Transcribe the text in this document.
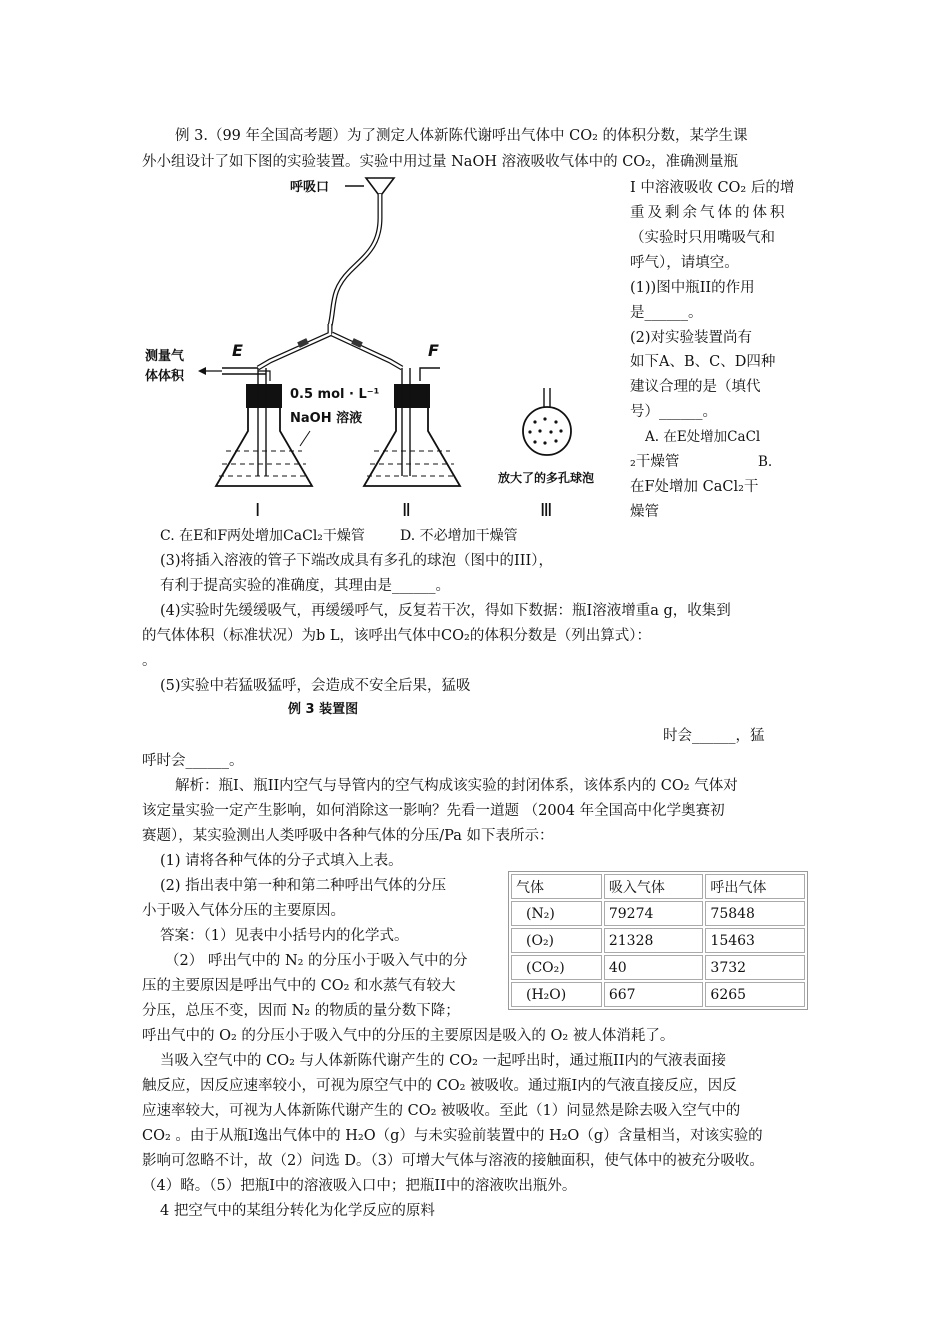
例 3.（99 年全国高考题）为了测定人体新陈代谢呼出气体中 CO₂ 的体积分数，某学生课
外小组设计了如下图的实验装置。实验中用过量 NaOH 溶液吸收气体中的 CO₂，准确测量瓶
呼吸口
测量气
体体积
E	F
0.5 mol · L⁻¹
NaOH 溶液
放大了的多孔球泡
Ⅰ	Ⅱ	Ⅲ
I 中溶液吸收 CO₂ 后的增
重及剩余气体的体积
（实验时只用嘴吸气和
呼气），请填空。
(1))图中瓶II的作用
是______。
(2)对实验装置尚有
如下A、B、C、D四种
建议合理的是（填代
号）______。
A. 在E处增加CaCl
₂干燥管	B.
在F处增加 CaCl₂干
燥管
C. 在E和F两处增加CaCl₂干燥管	D. 不必增加干燥管
(3)将插入溶液的管子下端改成具有多孔的球泡（图中的III），
有利于提高实验的准确度，其理由是______。
(4)实验时先缓缓吸气，再缓缓呼气，反复若干次，得如下数据：瓶I溶液增重a g，收集到
的气体体积（标准状况）为b L，该呼出气体中CO₂的体积分数是（列出算式）：
。
(5)实验中若猛吸猛呼，会造成不安全后果，猛吸
例 3 装置图
时会______，猛
呼时会______。
解析：瓶I、瓶II内空气与导管内的空气构成该实验的封闭体系，该体系内的 CO₂ 气体对
该定量实验一定产生影响，如何消除这一影响？先看一道题 （2004 年全国高中化学奥赛初
赛题），某实验测出人类呼吸中各种气体的分压/Pa 如下表所示：
(1) 请将各种气体的分子式填入上表。
(2) 指出表中第一种和第二种呼出气体的分压
小于吸入气体分压的主要原因。
答案：（1）见表中小括号内的化学式。
（2） 呼出气中的 N₂ 的分压小于吸入气中的分
压的主要原因是呼出气中的 CO₂ 和水蒸气有较大
分压，总压不变，因而 N₂ 的物质的量分数下降；
呼出气中的 O₂ 的分压小于吸入气中的分压的主要原因是吸入的 O₂ 被人体消耗了。
气体	吸入气体	呼出气体
(N₂)	79274	75848
(O₂)	21328	15463
(CO₂)	40	3732
(H₂O)	667	6265
当吸入空气中的 CO₂ 与人体新陈代谢产生的 CO₂ 一起呼出时，通过瓶II内的气液表面接
触反应，因反应速率较小，可视为原空气中的 CO₂ 被吸收。通过瓶I内的气液直接反应，因反
应速率较大，可视为人体新陈代谢产生的 CO₂ 被吸收。至此（1）问显然是除去吸入空气中的
CO₂ 。由于从瓶I逸出气体中的 H₂O（g）与未实验前装置中的 H₂O（g）含量相当，对该实验的
影响可忽略不计，故（2）问选 D。（3）可增大气体与溶液的接触面积，使气体中的被充分吸收。
（4）略。（5）把瓶I中的溶液吸入口中；把瓶II中的溶液吹出瓶外。
4 把空气中的某组分转化为化学反应的原料
